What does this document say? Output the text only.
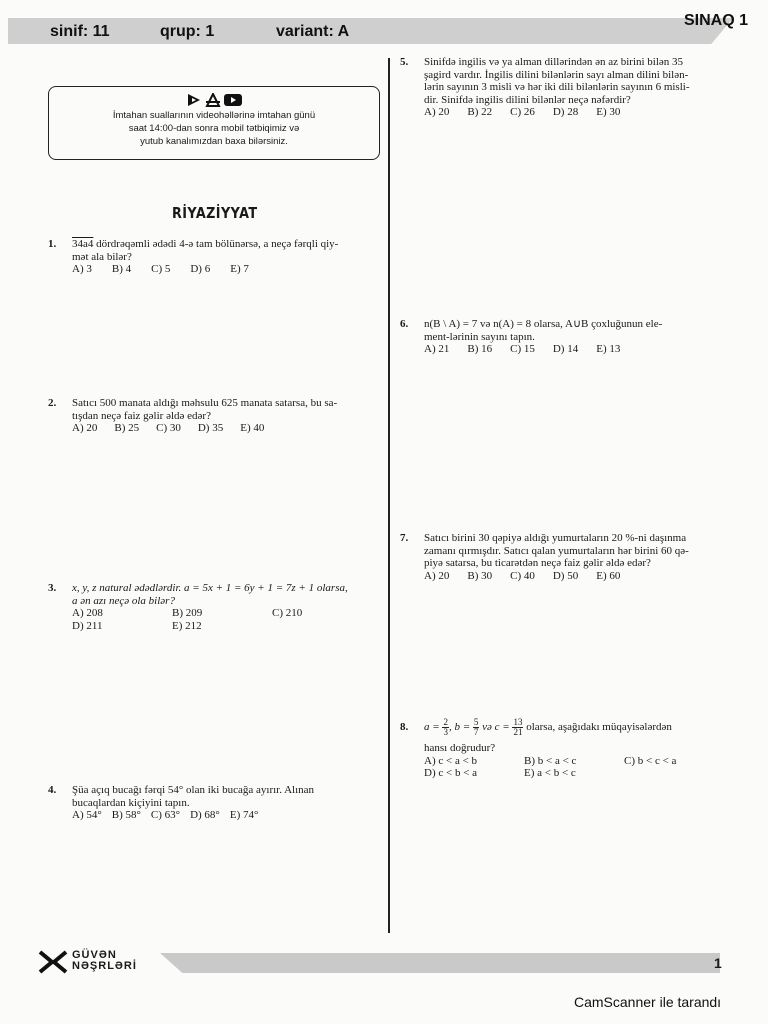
sinif: 11	qrup: 1	variant: A
SINAQ 1
İmtahan suallarının videohəllərinə imtahan günü
saat 14:00-dan sonra mobil tətbiqimiz və
yutub kanalımızdan baxa bilərsiniz.
RİYAZİYYAT
1. 34a4 dördrəqəmli ədədi 4-ə tam bölünərsə, a neçə fərqli qiy-
mət ala bilər?
A) 3 B) 4 C) 5 D) 6 E) 7
2. Satıcı 500 manata aldığı məhsulu 625 manata satarsa, bu sa-
tışdan neçə faiz gəlir əldə edər?
A) 20 B) 25 C) 30 D) 35 E) 40
3. x, y, z natural ədədlərdir. a = 5x + 1 = 6y + 1 = 7z + 1 olarsa,
a ən azı neçə ola bilər?
A) 208	B) 209	C) 210
D) 211	E) 212
4. Şüa açıq bucağı fərqi 54° olan iki bucağa ayırır. Alınan
bucaqlardan kiçiyini tapın.
A) 54° B) 58° C) 63° D) 68° E) 74°
5. Sinifdə ingilis və ya alman dillərindən ən az birini bilən 35
şagird vardır. İngilis dilini bilənlərin sayı alman dilini bilən-
lərin sayının 3 misli və hər iki dili bilənlərin sayının 6 misli-
dir. Sinifdə ingilis dilini bilənlər neçə nəfərdir?
A) 20 B) 22 C) 26 D) 28 E) 30
6. n(B \ A) = 7 və n(A) = 8 olarsa, A∪B çoxluğunun ele-
ment-lərinin sayını tapın.
A) 21 B) 16 C) 15 D) 14 E) 13
7. Satıcı birini 30 qəpiyə aldığı yumurtaların 20 %-ni daşınma
zamanı qırmışdır. Satıcı qalan yumurtaların hər birini 60 qə-
piyə satarsa, bu ticarətdən neçə faiz gəlir əldə edər?
A) 20 B) 30 C) 40 D) 50 E) 60
8. $a = \frac{2}{3}$ , $b = \frac{5}{7}$ və $c = \frac{13}{21}$ olarsa, aşağıdakı müqayisələrdən
hansı doğrudur?
A) c < a < b	B) b < a < c	C) b < c < a
D) c < b < a	E) a < b < c
GÜVƏN
NƏŞRLƏRİ	1
CamScanner ile tarandı
